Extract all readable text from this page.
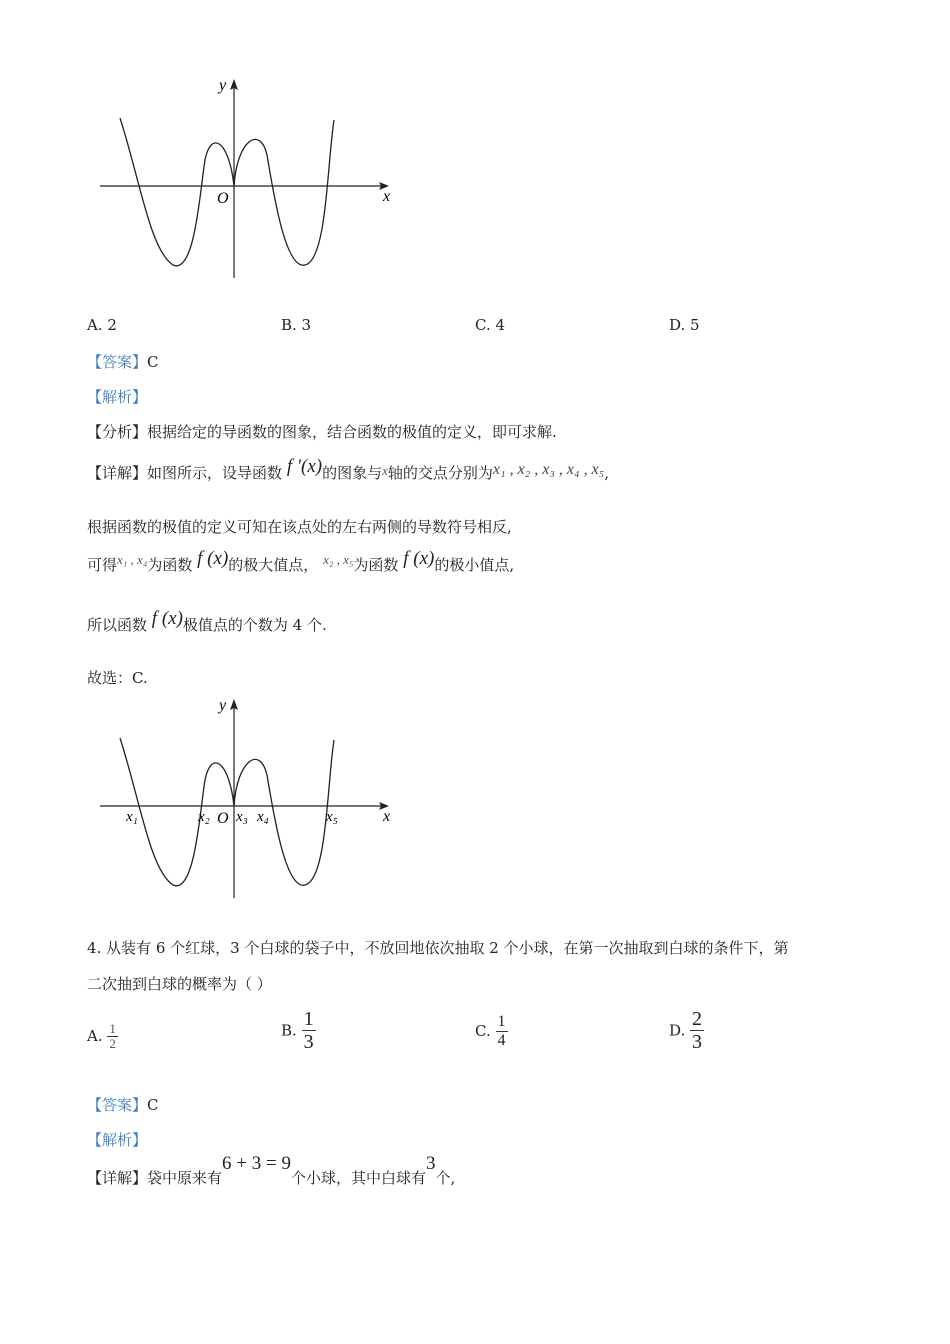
y
x
O
A. 2	B. 3	C. 4	D. 5
【答案】C
【解析】
【分析】根据给定的导函数的图象，结合函数的极值的定义，即可求解.
【详解】如图所示，设导函数 f ′(x)的图象与x轴的交点分别为x₁ , x₂ , x₃ , x₄ , x₅,
根据函数的极值的定义可知在该点处的左右两侧的导数符号相反,
可得x₁ , x₄为函数 f (x)的极大值点， x₂ , x₅为函数 f (x)的极小值点,
所以函数 f (x)极值点的个数为 4 个.
故选：C.
y
x
O
x₁	x₂ x₃ x₄	x₅
4. 从装有 6 个红球，3 个白球的袋子中，不放回地依次抽取 2 个小球，在第一次抽取到白球的条件下，第
二次抽到白球的概率为（ ）
A. $\frac{1}{2}$	B. $\frac{1}{3}$	C. $\frac{1}{4}$	D. $\frac{2}{3}$
【答案】C
【解析】
【详解】袋中原来有6 + 3 = 9个小球，其中白球有3个,
